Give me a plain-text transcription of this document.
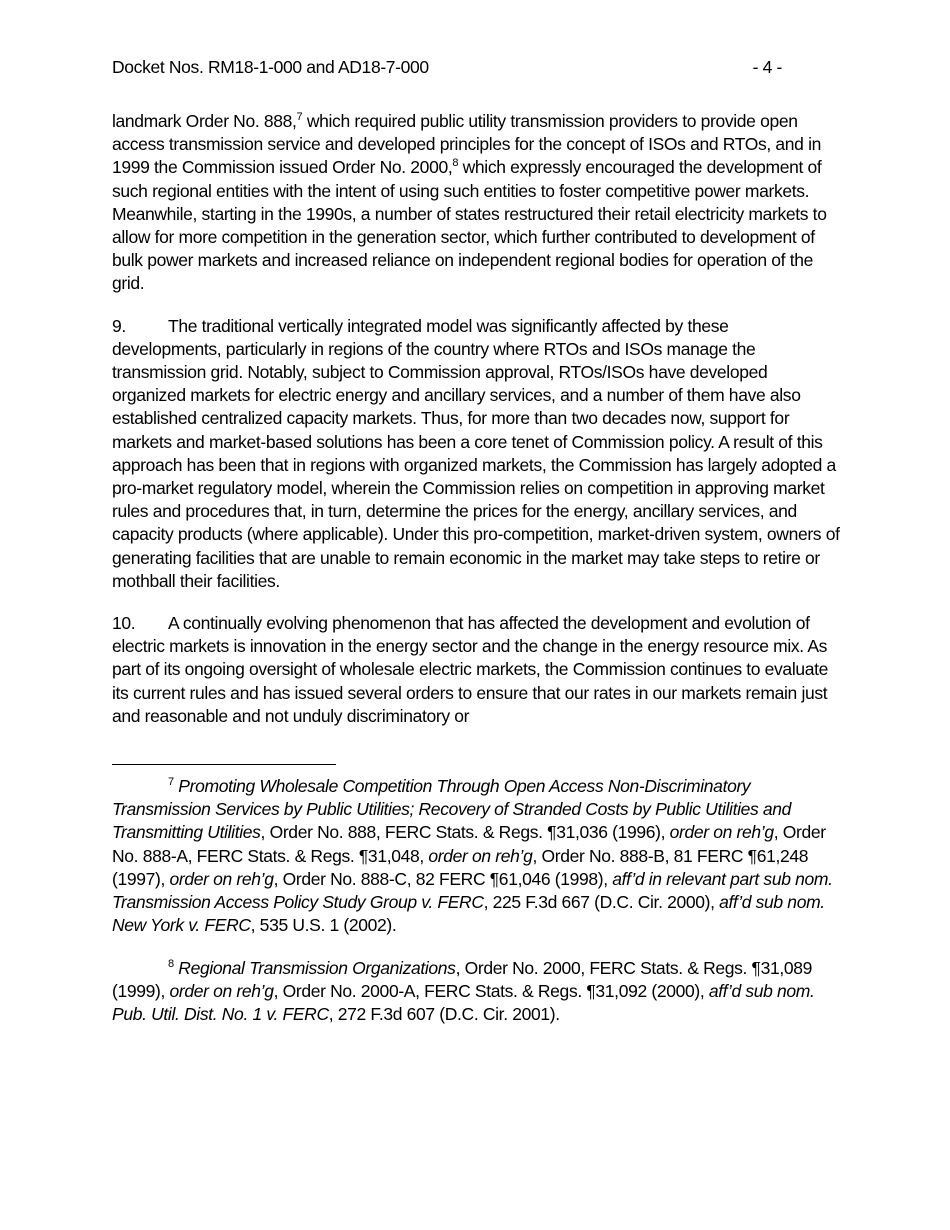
Docket Nos. RM18-1-000 and AD18-7-000	- 4 -

landmark Order No. 888,$^7$ which required public utility transmission providers to provide open access transmission service and developed principles for the concept of ISOs and RTOs, and in 1999 the Commission issued Order No. 2000,$^8$ which expressly encouraged the development of such regional entities with the intent of using such entities to foster competitive power markets. Meanwhile, starting in the 1990s, a number of states restructured their retail electricity markets to allow for more competition in the generation sector, which further contributed to development of bulk power markets and increased reliance on independent regional bodies for operation of the grid.

9. The traditional vertically integrated model was significantly affected by these developments, particularly in regions of the country where RTOs and ISOs manage the transmission grid. Notably, subject to Commission approval, RTOs/ISOs have developed organized markets for electric energy and ancillary services, and a number of them have also established centralized capacity markets. Thus, for more than two decades now, support for markets and market-based solutions has been a core tenet of Commission policy. A result of this approach has been that in regions with organized markets, the Commission has largely adopted a pro-market regulatory model, wherein the Commission relies on competition in approving market rules and procedures that, in turn, determine the prices for the energy, ancillary services, and capacity products (where applicable). Under this pro-competition, market-driven system, owners of generating facilities that are unable to remain economic in the market may take steps to retire or mothball their facilities.

10. A continually evolving phenomenon that has affected the development and evolution of electric markets is innovation in the energy sector and the change in the energy resource mix. As part of its ongoing oversight of wholesale electric markets, the Commission continues to evaluate its current rules and has issued several orders to ensure that our rates in our markets remain just and reasonable and not unduly discriminatory or

$^7$ Promoting Wholesale Competition Through Open Access Non-Discriminatory Transmission Services by Public Utilities; Recovery of Stranded Costs by Public Utilities and Transmitting Utilities, Order No. 888, FERC Stats. & Regs. ¶31,036 (1996), order on reh’g, Order No. 888-A, FERC Stats. & Regs. ¶31,048, order on reh’g, Order No. 888-B, 81 FERC ¶61,248 (1997), order on reh’g, Order No. 888-C, 82 FERC ¶61,046 (1998), aff’d in relevant part sub nom. Transmission Access Policy Study Group v. FERC, 225 F.3d 667 (D.C. Cir. 2000), aff’d sub nom. New York v. FERC, 535 U.S. 1 (2002).

$^8$ Regional Transmission Organizations, Order No. 2000, FERC Stats. & Regs. ¶31,089 (1999), order on reh’g, Order No. 2000-A, FERC Stats. & Regs. ¶31,092 (2000), aff’d sub nom. Pub. Util. Dist. No. 1 v. FERC, 272 F.3d 607 (D.C. Cir. 2001).
